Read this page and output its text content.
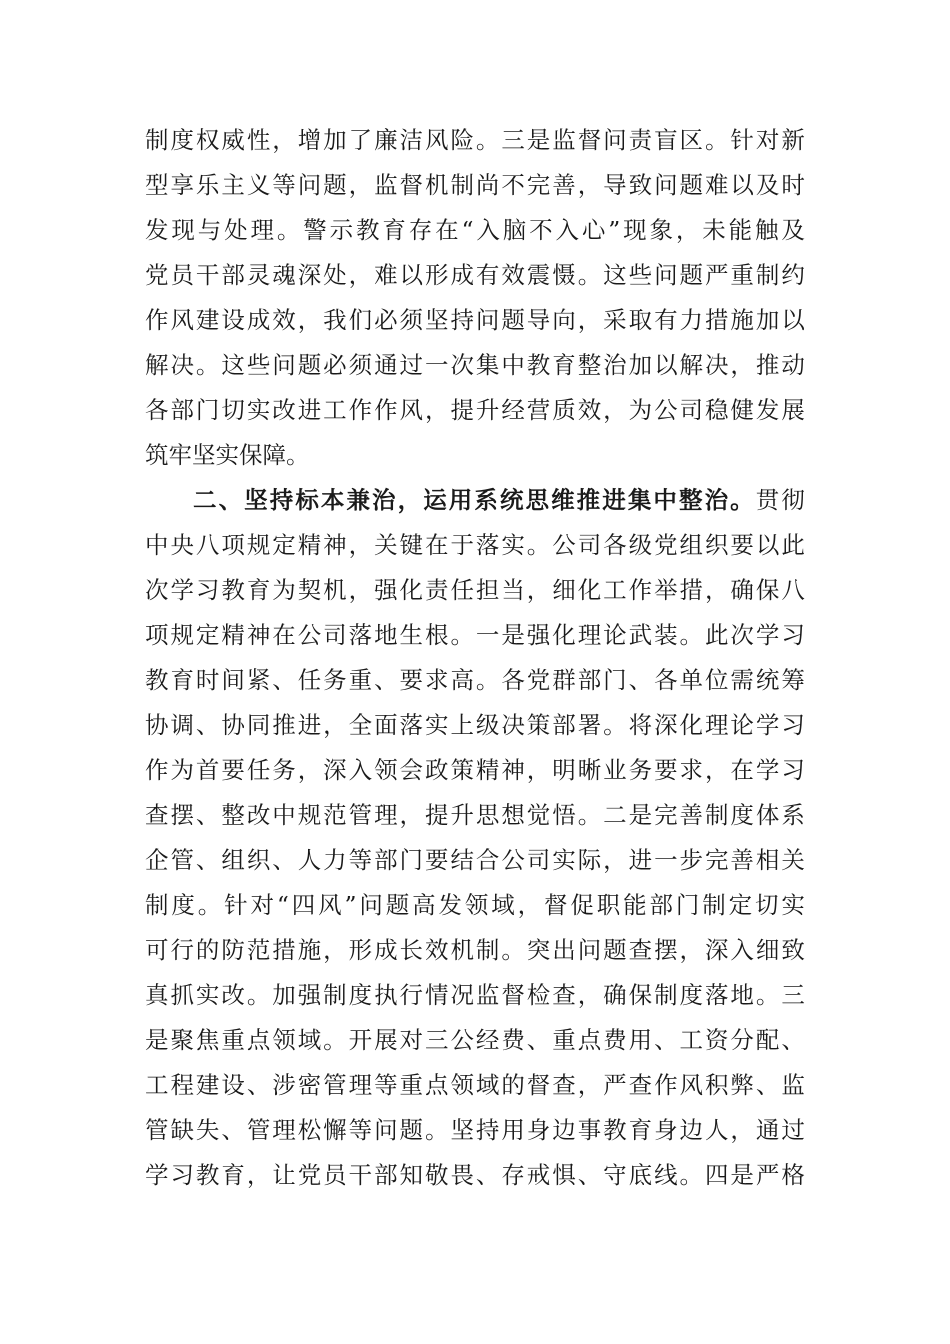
制 度 权 威 性 ， 增 加 了 廉 洁 风 险 。 三 是 监 督 问 责 盲 区 。 针 对 新
型 享 乐 主 义 等 问 题 ， 监 督 机 制 尚 不 完 善 ， 导 致 问 题 难 以 及 时
发 现 与 处 理 。 警 示 教 育 存 在 “ 入 脑 不 入 心 ” 现 象 ， 未 能 触 及
党 员 干 部 灵 魂 深 处 ， 难 以 形 成 有 效 震 慑 。 这 些 问 题 严 重 制 约
作 风 建 设 成 效 ， 我 们 必 须 坚 持 问 题 导 向 ， 采 取 有 力 措 施 加 以
解 决 。 这 些 问 题 必 须 通 过 一 次 集 中 教 育 整 治 加 以 解 决 ， 推 动
各 部 门 切 实 改 进 工 作 作 风 ， 提 升 经 营 质 效 ， 为 公 司 稳 健 发 展
筑牢坚实保障。
二 、 坚 持 标 本 兼 治 ， 运 用 系 统 思 维 推 进 集 中 整 治 。 贯 彻
中 央 八 项 规 定 精 神 ， 关 键 在 于 落 实 。 公 司 各 级 党 组 织 要 以 此
次 学 习 教 育 为 契 机 ， 强 化 责 任 担 当 ， 细 化 工 作 举 措 ， 确 保 八
项 规 定 精 神 在 公 司 落 地 生 根 。 一 是 强 化 理 论 武 装 。 此 次 学 习
教 育 时 间 紧 、 任 务 重 、 要 求 高 。 各 党 群 部 门 、 各 单 位 需 统 筹
协 调 、 协 同 推 进 ， 全 面 落 实 上 级 决 策 部 署 。 将 深 化 理 论 学 习
作 为 首 要 任 务 ， 深 入 领 会 政 策 精 神 ， 明 晰 业 务 要 求 ， 在 学 习
查 摆 、 整 改 中 规 范 管 理 ， 提 升 思 想 觉 悟 。 二 是 完 善 制 度 体 系
企 管 、 组 织 、 人 力 等 部 门 要 结 合 公 司 实 际 ， 进 一 步 完 善 相 关
制 度 。 针 对 “ 四 风 ” 问 题 高 发 领 域 ， 督 促 职 能 部 门 制 定 切 实
可 行 的 防 范 措 施 ， 形 成 长 效 机 制 。 突 出 问 题 查 摆 ， 深 入 细 致
真 抓 实 改 。 加 强 制 度 执 行 情 况 监 督 检 查 ， 确 保 制 度 落 地 。 三
是 聚 焦 重 点 领 域 。 开 展 对 三 公 经 费 、 重 点 费 用 、 工 资 分 配 、
工 程 建 设 、 涉 密 管 理 等 重 点 领 域 的 督 查 ， 严 查 作 风 积 弊 、 监
管 缺 失 、 管 理 松 懈 等 问 题 。 坚 持 用 身 边 事 教 育 身 边 人 ， 通 过
学 习 教 育 ， 让 党 员 干 部 知 敬 畏 、 存 戒 惧 、 守 底 线 。 四 是 严 格
